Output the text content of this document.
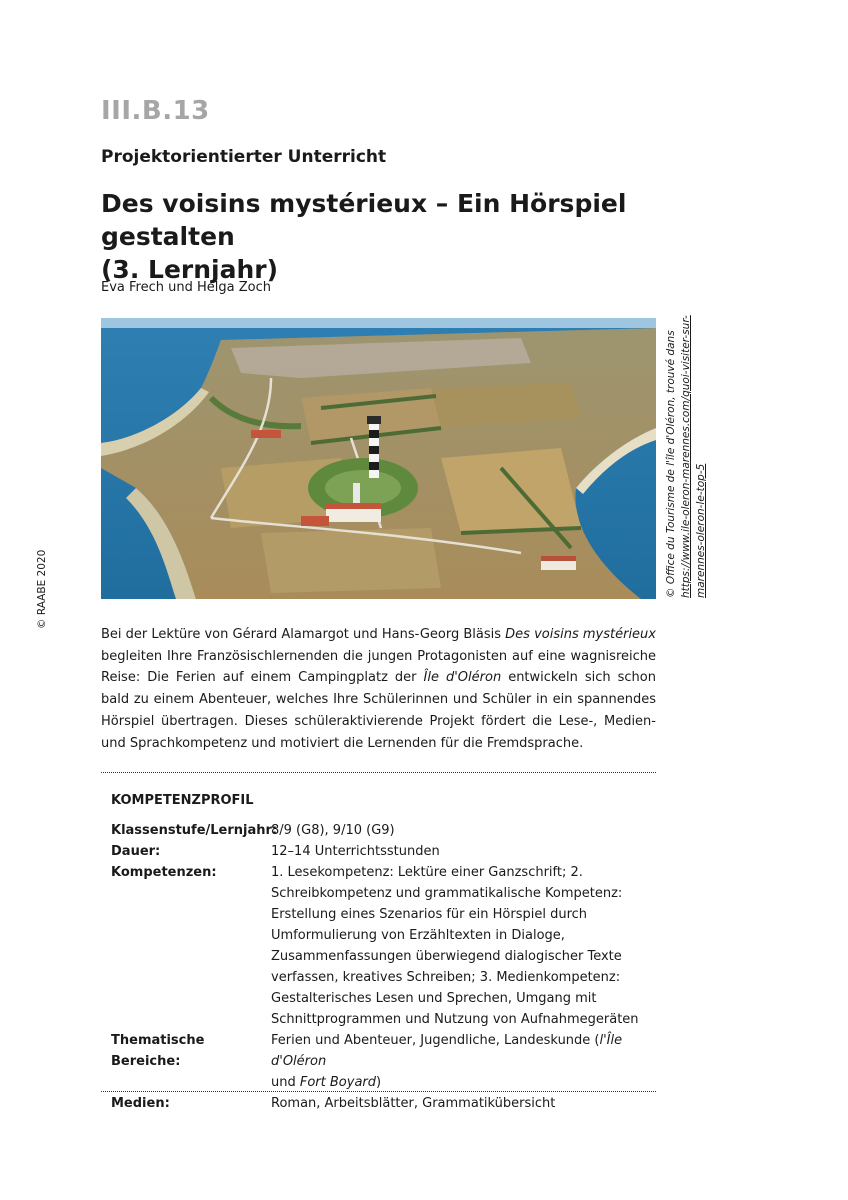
III.B.13
Projektorientierter Unterricht
Des voisins mystérieux – Ein Hörspiel gestalten
(3. Lernjahr)
Eva Frech und Helga Zoch
© Office du Tourisme de l'île d'Oléron, trouvé dans https://www.ile-oleron-marennes.com/quoi-visiter-sur- marennes-oleron-le-top-5
© RAABE 2020
Bei der Lektüre von Gérard Alamargot und Hans-Georg Bläsis Des voisins mystérieux begleiten Ihre Französischlernenden die jungen Protagonisten auf eine wagnisreiche Reise: Die Ferien auf einem Campingplatz der Île d'Oléron entwickeln sich schon bald zu einem Abenteuer, welches Ihre Schülerinnen und Schüler in ein spannendes Hörspiel übertragen. Dieses schüleraktivierende Projekt fördert die Lese-, Medien- und Sprachkompetenz und motiviert die Lernenden für die Fremdsprache.
KOMPETENZPROFIL
Klassenstufe/Lernjahr:
8/9 (G8), 9/10 (G9)
Dauer:	12–14 Unterrichtsstunden
Kompetenzen:	1. Lesekompetenz: Lektüre einer Ganzschrift; 2. Schreibkompetenz und grammatikalische Kompetenz: Erstellung eines Szenarios für ein Hörspiel durch Umformulierung von Erzähltexten in Dialoge, Zusammenfassungen überwiegend dialogischer Texte verfassen, kreatives Schreiben; 3. Medienkompetenz: Gestalterisches Lesen und Sprechen, Umgang mit Schnittprogrammen und Nutzung von Aufnahmegeräten
Thematische Bereiche:
Ferien und Abenteuer, Jugendliche, Landeskunde (l'Île d'Oléron
und Fort Boyard)
Medien:	Roman, Arbeitsblätter, Grammatikübersicht
